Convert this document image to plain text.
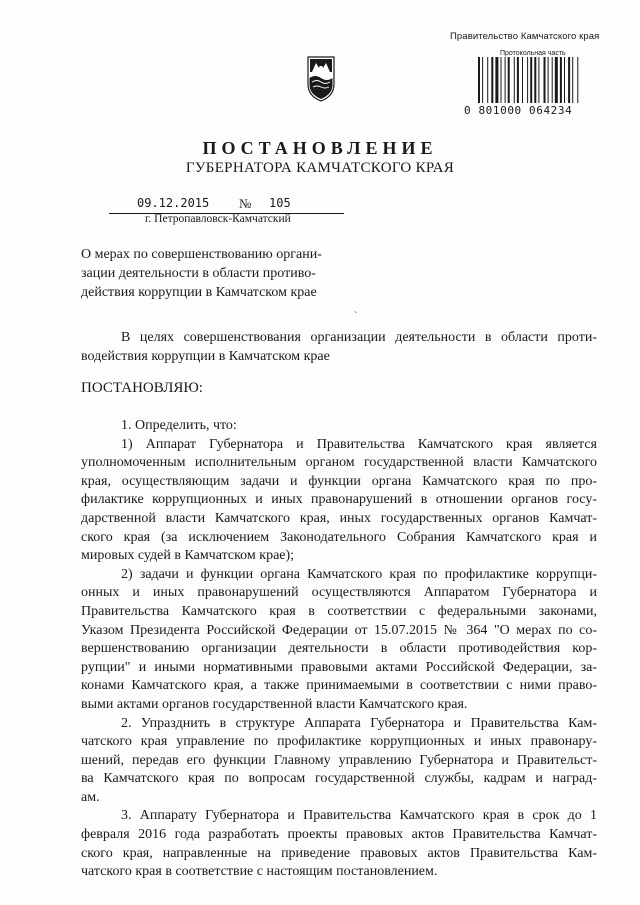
Правительство Камчатского края
Протокольная часть
0 801000 064234
ПОСТАНОВЛЕНИЕ
ГУБЕРНАТОРА КАМЧАТСКОГО КРАЯ
09.12.2015 № 105
г. Петропавловск-Камчатский
О мерах по совершенствованию органи-
зации деятельности в области противо-
действия коррупции в Камчатском крае
`
В целях совершенствования организации деятельности в области проти-
водействия коррупции в Камчатском крае
ПОСТАНОВЛЯЮ:
1. Определить, что:
1) Аппарат Губернатора и Правительства Камчатского края является
уполномоченным исполнительным органом государственной власти Камчатского
края, осуществляющим задачи и функции органа Камчатского края по про-
филактике коррупционных и иных правонарушений в отношении органов госу-
дарственной власти Камчатского края, иных государственных органов Камчат-
ского края (за исключением Законодательного Собрания Камчатского края и
мировых судей в Камчатском крае);
2) задачи и функции органа Камчатского края по профилактике коррупци-
онных и иных правонарушений осуществляются Аппаратом Губернатора и
Правительства Камчатского края в соответствии с федеральными законами,
Указом Президента Российской Федерации от 15.07.2015 № 364 "О мерах по со-
вершенствованию организации деятельности в области противодействия кор-
рупции" и иными нормативными правовыми актами Российской Федерации, за-
конами Камчатского края, а также принимаемыми в соответствии с ними право-
выми актами органов государственной власти Камчатского края.
2. Упразднить в структуре Аппарата Губернатора и Правительства Кам-
чатского края управление по профилактике коррупционных и иных правонару-
шений, передав его функции Главному управлению Губернатора и Правительст-
ва Камчатского края по вопросам государственной службы, кадрам и наград-
ам.
3. Аппарату Губернатора и Правительства Камчатского края в срок до 1
февраля 2016 года разработать проекты правовых актов Правительства Камчат-
ского края, направленные на приведение правовых актов Правительства Кам-
чатского края в соответствие с настоящим постановлением.
